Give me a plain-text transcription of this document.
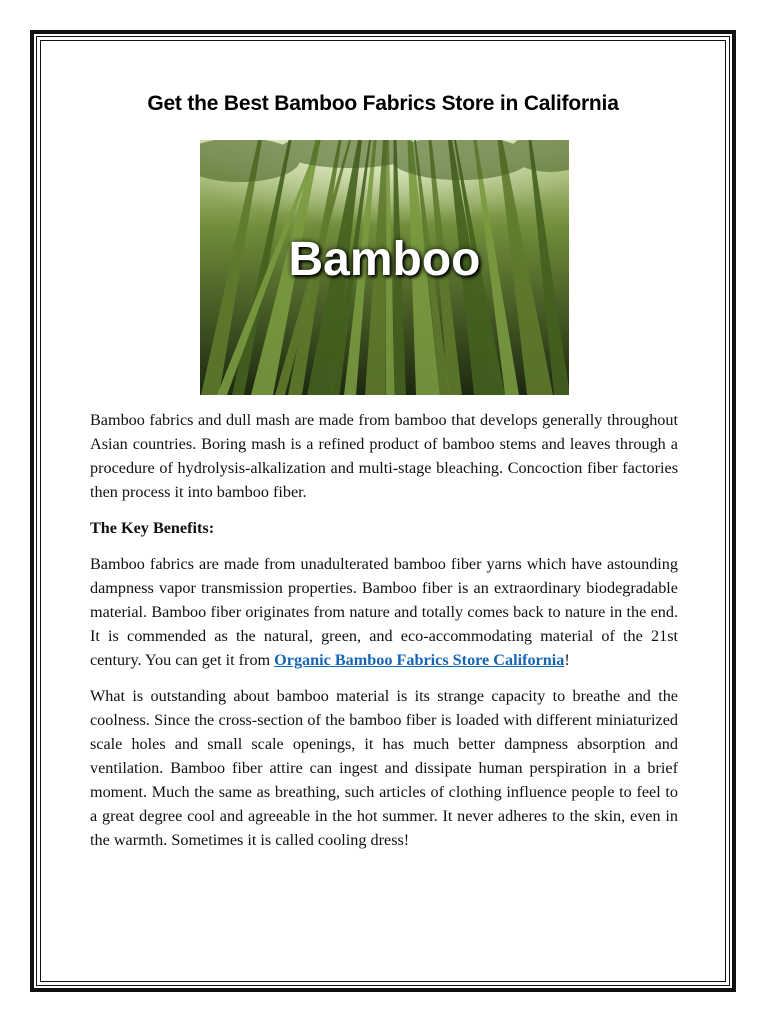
Get the Best Bamboo Fabrics Store in California
Bamboo

Bamboo fabrics and dull mash are made from bamboo that develops generally throughout Asian countries. Boring mash is a refined product of bamboo stems and leaves through a procedure of hydrolysis-alkalization and multi-stage bleaching. Concoction fiber factories then process it into bamboo fiber.

The Key Benefits:

Bamboo fabrics are made from unadulterated bamboo fiber yarns which have astounding dampness vapor transmission properties. Bamboo fiber is an extraordinary biodegradable material. Bamboo fiber originates from nature and totally comes back to nature in the end. It is commended as the natural, green, and eco-accommodating material of the 21st century. You can get it from Organic Bamboo Fabrics Store California!

What is outstanding about bamboo material is its strange capacity to breathe and the coolness. Since the cross-section of the bamboo fiber is loaded with different miniaturized scale holes and small scale openings, it has much better dampness absorption and ventilation. Bamboo fiber attire can ingest and dissipate human perspiration in a brief moment. Much the same as breathing, such articles of clothing influence people to feel to a great degree cool and agreeable in the hot summer. It never adheres to the skin, even in the warmth. Sometimes it is called cooling dress!
